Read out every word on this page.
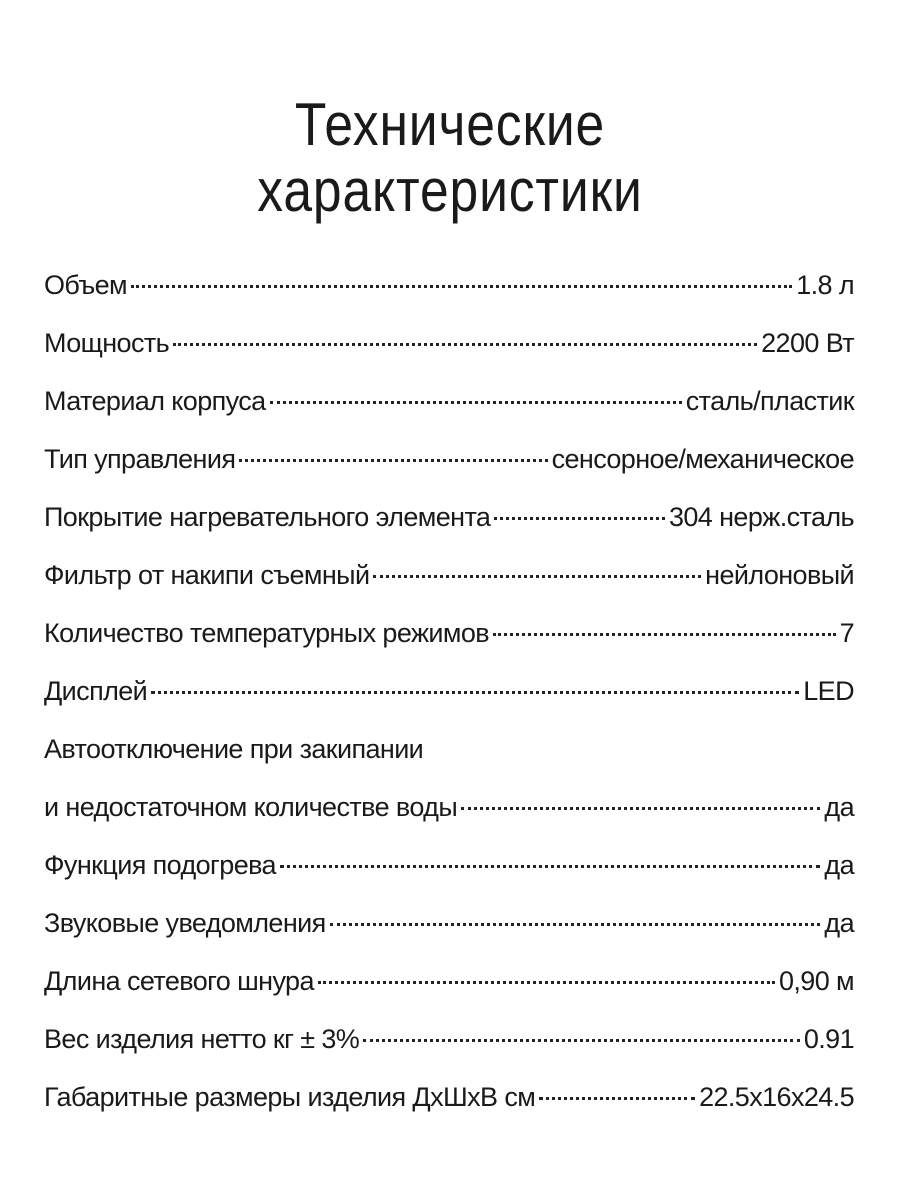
Технические
характеристики
Объем	1.8 л
Мощность	2200 Вт
Материал корпуса	сталь/пластик
Тип управления	сенсорное/механическое
Покрытие нагревательного элемента	304 нерж.сталь
Фильтр от накипи съемный	нейлоновый
Количество температурных режимов	7
Дисплей	LED
Автоотключение при закипании
и недостаточном количестве воды	да
Функция подогрева	да
Звуковые уведомления	да
Длина сетевого шнура	0,90 м
Вес изделия нетто кг ± 3%	0.91
Габаритные размеры изделия ДхШхВ см	22.5x16x24.5
